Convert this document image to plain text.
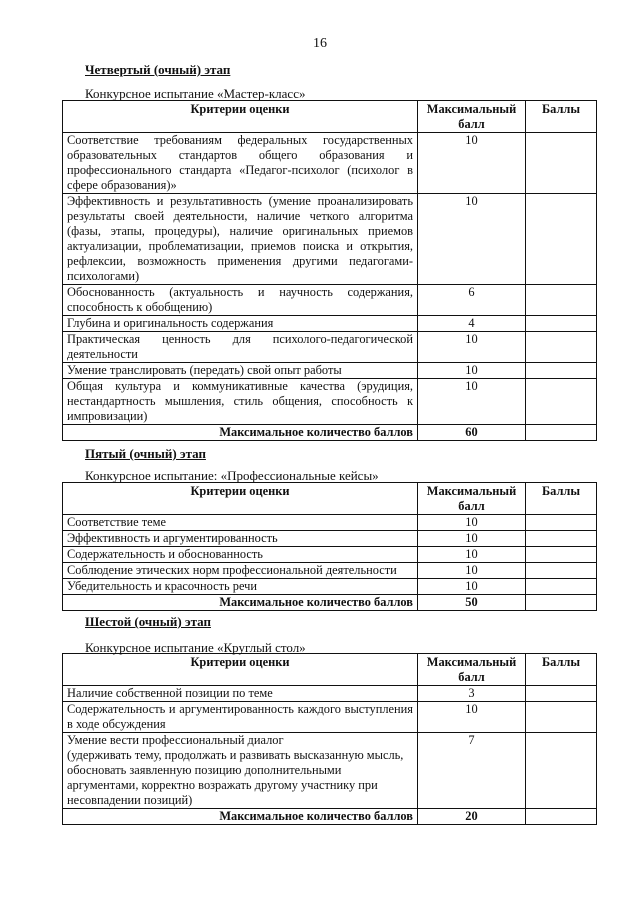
16
Четвертый (очный) этап
Конкурсное испытание «Мастер-класс»
Критерии оценки	Максимальный балл	Баллы
Соответствие требованиям федеральных государственных образовательных стандартов общего образования и профессионального стандарта «Педагог-психолог (психолог в сфере образования)»	10	
Эффективность и результативность (умение проанализировать результаты своей деятельности, наличие четкого алгоритма (фазы, этапы, процедуры), наличие оригинальных приемов актуализации, проблематизации, приемов поиска и открытия, рефлексии, возможность применения другими педагогами-психологами)	10	
Обоснованность (актуальность и научность содержания, способность к обобщению)	6	
Глубина и оригинальность содержания	4	
Практическая ценность для психолого-педагогической деятельности	10	
Умение транслировать (передать) свой опыт работы	10	
Общая культура и коммуникативные качества (эрудиция, нестандартность мышления, стиль общения, способность к импровизации)	10	
Максимальное количество баллов	60	
Пятый (очный) этап
Конкурсное испытание: «Профессиональные кейсы»
Критерии оценки	Максимальный балл	Баллы
Соответствие теме	10	
Эффективность и аргументированность	10	
Содержательность и обоснованность	10	
Соблюдение этических норм профессиональной деятельности	10	
Убедительность и красочность речи	10	
Максимальное количество баллов	50	
Шестой (очный) этап
Конкурсное испытание «Круглый стол»
Критерии оценки	Максимальный балл	Баллы
Наличие собственной позиции по теме	3	
Содержательность и аргументированность каждого выступления в ходе обсуждения	10	

Умение вести профессиональный диалог
(удерживать тему, продолжать и развивать высказанную мысль, обосновать заявленную позицию дополнительными аргументами, корректно возражать другому участнику при несовпадении позиций)	7	
Максимальное количество баллов	20	
